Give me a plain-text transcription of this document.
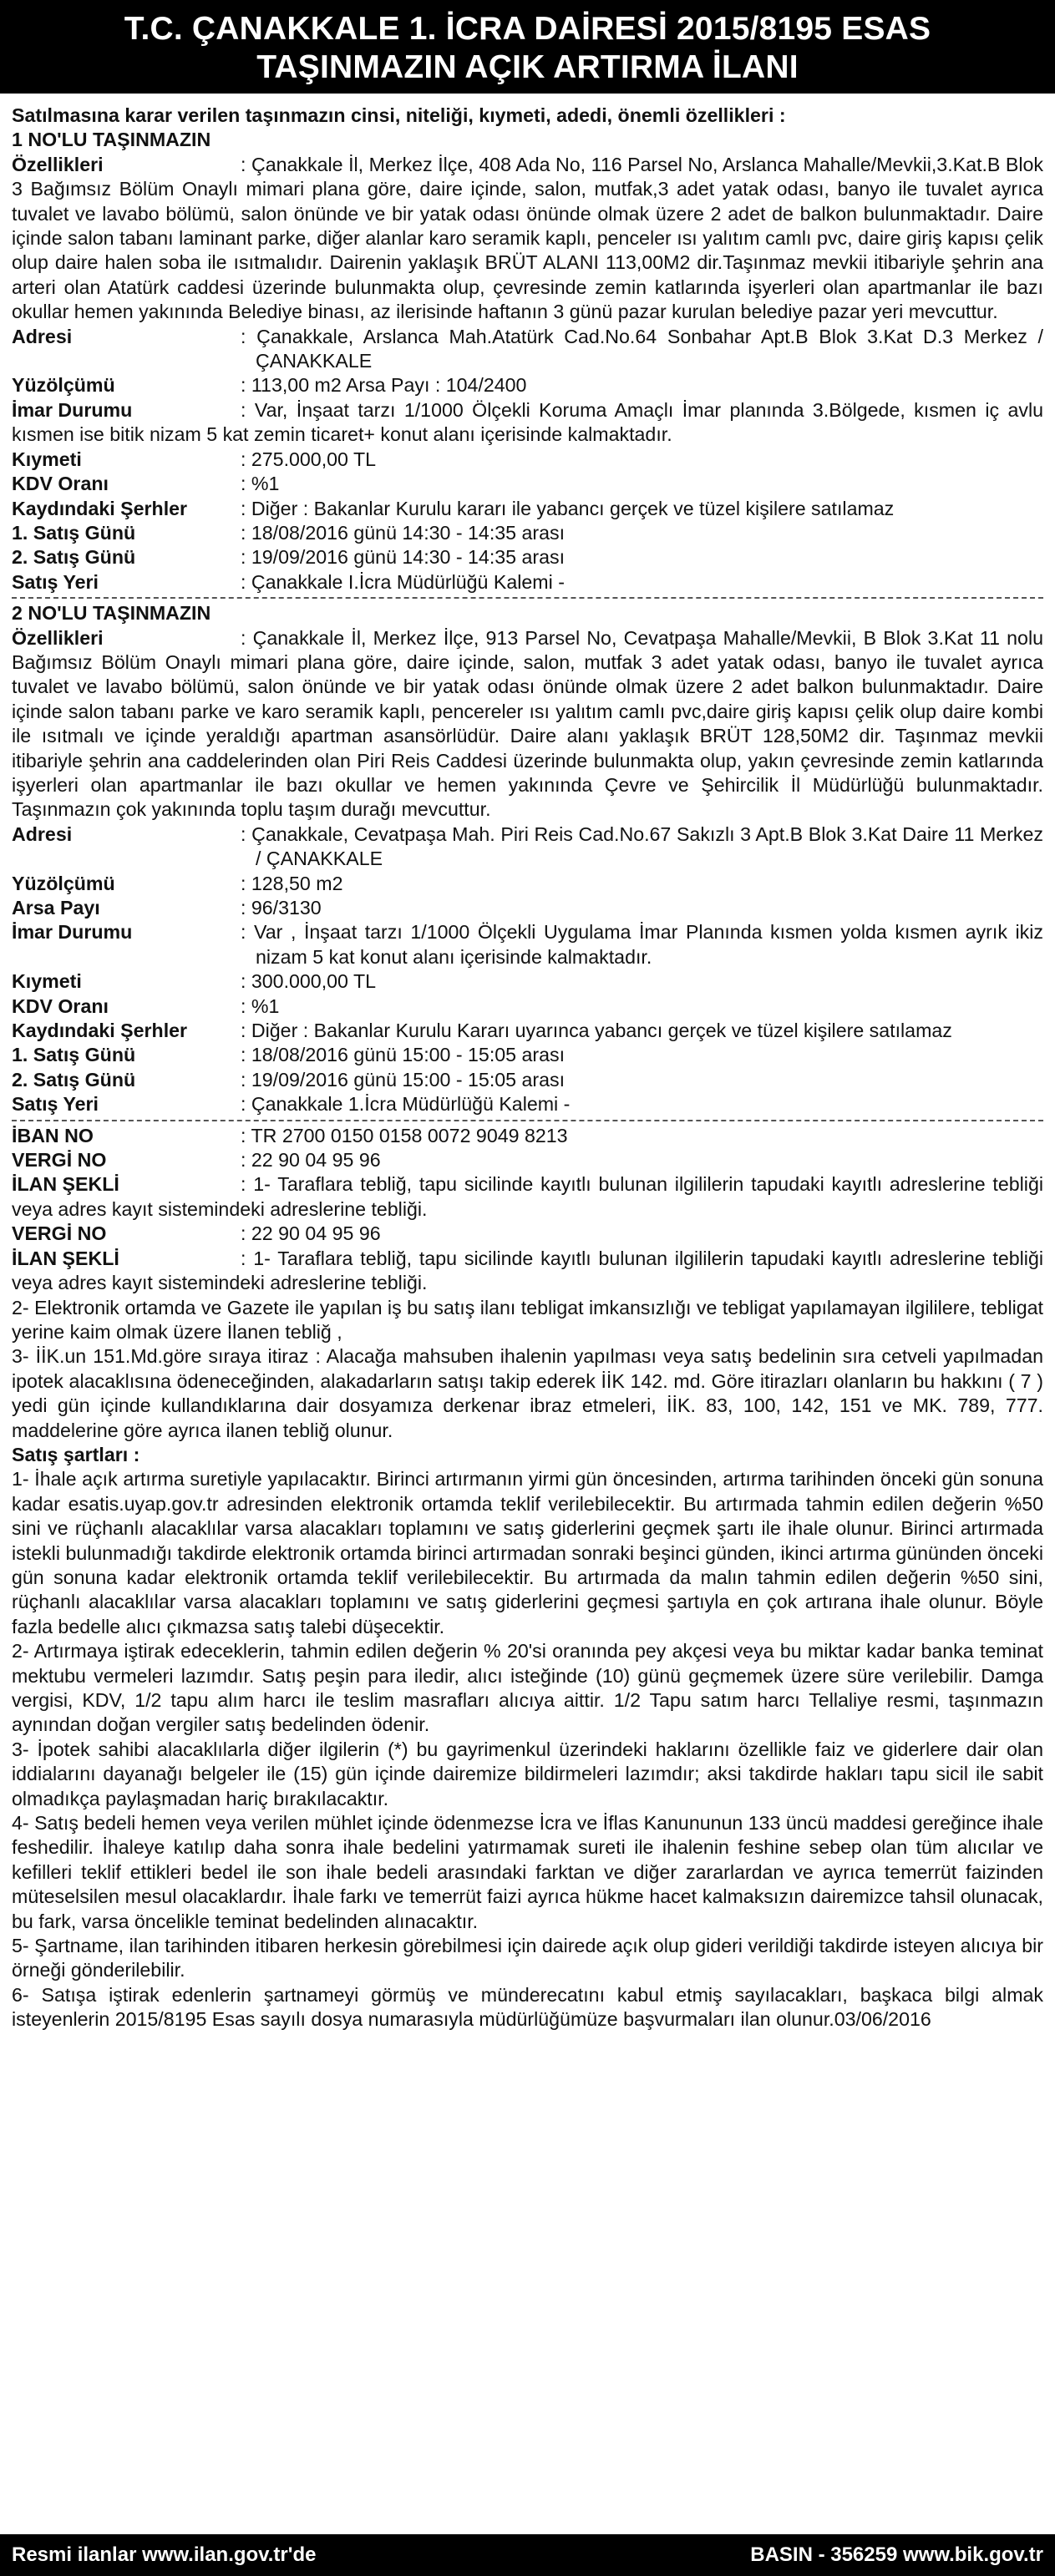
T.C. ÇANAKKALE 1. İCRA DAİRESİ 2015/8195 ESAS
TAŞINMAZIN AÇIK ARTIRMA İLANI

Satılmasına karar verilen taşınmazın cinsi, niteliği, kıymeti, adedi, önemli özellikleri :

1 NO'LU TAŞINMAZIN

Özellikleri	: Çanakkale İl, Merkez İlçe, 408 Ada No, 116 Parsel No, Arslanca Mahalle/Mevkii,3.Kat.B Blok 3 Bağımsız Bölüm Onaylı mimari plana göre, daire içinde, salon, mutfak,3 adet yatak odası, banyo ile tuvalet ayrıca tuvalet ve lavabo bölümü, salon önünde ve bir yatak odası önünde olmak üzere 2 adet de balkon bulunmaktadır. Daire içinde salon tabanı laminant parke, diğer alanlar karo seramik kaplı, penceler ısı yalıtım camlı pvc, daire giriş kapısı çelik olup daire halen soba ile ısıtmalıdır. Dairenin yaklaşık BRÜT ALANI 113,00M2 dir.Taşınmaz mevkii itibariyle şehrin ana arteri olan Atatürk caddesi üzerinde bulunmakta olup, çevresinde zemin katlarında işyerleri olan apartmanlar ile bazı okullar hemen yakınında Belediye binası, az ilerisinde haftanın 3 günü pazar kurulan belediye pazar yeri mevcuttur.
Adresi	: Çanakkale, Arslanca Mah.Atatürk Cad.No.64 Sonbahar Apt.B Blok 3.Kat D.3 Merkez / ÇANAKKALE
Yüzölçümü	: 113,00 m2 Arsa Payı : 104/2400
İmar Durumu	: Var, İnşaat tarzı 1/1000 Ölçekli Koruma Amaçlı İmar planında 3.Bölgede, kısmen iç avlu kısmen ise bitik nizam 5 kat zemin ticaret+ konut alanı içerisinde kalmaktadır.
Kıymeti	: 275.000,00 TL
KDV Oranı	: %1
Kaydındaki Şerhler	: Diğer : Bakanlar Kurulu kararı ile yabancı gerçek ve tüzel kişilere satılamaz
1. Satış Günü	: 18/08/2016 günü 14:30 - 14:35 arası
2. Satış Günü	: 19/09/2016 günü 14:30 - 14:35 arası
Satış Yeri	: Çanakkale I.İcra Müdürlüğü Kalemi -

2 NO'LU TAŞINMAZIN

Özellikleri	: Çanakkale İl, Merkez İlçe, 913 Parsel No, Cevatpaşa Mahalle/Mevkii, B Blok 3.Kat 11 nolu Bağımsız Bölüm Onaylı mimari plana göre, daire içinde, salon, mutfak 3 adet yatak odası, banyo ile tuvalet ayrıca tuvalet ve lavabo bölümü, salon önünde ve bir yatak odası önünde olmak üzere 2 adet balkon bulunmaktadır. Daire içinde salon tabanı parke ve karo seramik kaplı, pencereler ısı yalıtım camlı pvc,daire giriş kapısı çelik olup daire kombi ile ısıtmalı ve içinde yeraldığı apartman asansörlüdür. Daire alanı yaklaşık BRÜT 128,50M2 dir. Taşınmaz mevkii itibariyle şehrin ana caddelerinden olan Piri Reis Caddesi üzerinde bulunmakta olup, yakın çevresinde zemin katlarında işyerleri olan apartmanlar ile bazı okullar ve hemen yakınında Çevre ve Şehircilik İl Müdürlüğü bulunmaktadır. Taşınmazın çok yakınında toplu taşım durağı mevcuttur.
Adresi	: Çanakkale, Cevatpaşa Mah. Piri Reis Cad.No.67 Sakızlı 3 Apt.B Blok 3.Kat Daire 11 Merkez / ÇANAKKALE
Yüzölçümü	: 128,50 m2
Arsa Payı	: 96/3130
İmar Durumu	: Var , İnşaat tarzı 1/1000 Ölçekli Uygulama İmar Planında kısmen yolda kısmen ayrık ikiz nizam 5 kat konut alanı içerisinde kalmaktadır.
Kıymeti	: 300.000,00 TL
KDV Oranı	: %1
Kaydındaki Şerhler	: Diğer : Bakanlar Kurulu Kararı uyarınca yabancı gerçek ve tüzel kişilere satılamaz
1. Satış Günü	: 18/08/2016 günü 15:00 - 15:05 arası
2. Satış Günü	: 19/09/2016 günü 15:00 - 15:05 arası
Satış Yeri	: Çanakkale 1.İcra Müdürlüğü Kalemi -
İBAN NO	: TR 2700 0150 0158 0072 9049 8213
VERGİ NO	: 22 90 04 95 96
İLAN ŞEKLİ	: 1- Taraflara tebliğ, tapu sicilinde kayıtlı bulunan ilgililerin tapudaki kayıtlı adreslerine tebliği veya adres kayıt sistemindeki adreslerine tebliği.
VERGİ NO	: 22 90 04 95 96
İLAN ŞEKLİ	: 1- Taraflara tebliğ, tapu sicilinde kayıtlı bulunan ilgililerin tapudaki kayıtlı adreslerine tebliği veya adres kayıt sistemindeki adreslerine tebliği.

2- Elektronik ortamda ve Gazete ile yapılan iş bu satış ilanı tebligat imkansızlığı ve tebligat yapılamayan ilgililere, tebligat yerine kaim olmak üzere İlanen tebliğ ,

3- İİK.un 151.Md.göre sıraya itiraz : Alacağa mahsuben ihalenin yapılması veya satış bedelinin sıra cetveli yapılmadan ipotek alacaklısına ödeneceğinden, alakadarların satışı takip ederek İİK 142. md. Göre itirazları olanların bu hakkını ( 7 ) yedi gün içinde kullandıklarına dair dosyamıza derkenar ibraz etmeleri, İİK. 83, 100, 142, 151 ve MK. 789, 777. maddelerine göre ayrıca ilanen tebliğ olunur.

Satış şartları :

1- İhale açık artırma suretiyle yapılacaktır. Birinci artırmanın yirmi gün öncesinden, artırma tarihinden önceki gün sonuna kadar esatis.uyap.gov.tr adresinden elektronik ortamda teklif verilebilecektir. Bu artırmada tahmin edilen değerin %50 sini ve rüçhanlı alacaklılar varsa alacakları toplamını ve satış giderlerini geçmek şartı ile ihale olunur. Birinci artırmada istekli bulunmadığı takdirde elektronik ortamda birinci artırmadan sonraki beşinci günden, ikinci artırma gününden önceki gün sonuna kadar elektronik ortamda teklif verilebilecektir. Bu artırmada da malın tahmin edilen değerin %50 sini, rüçhanlı alacaklılar varsa alacakları toplamını ve satış giderlerini geçmesi şartıyla en çok artırana ihale olunur. Böyle fazla bedelle alıcı çıkmazsa satış talebi düşecektir.

2- Artırmaya iştirak edeceklerin, tahmin edilen değerin % 20'si oranında pey akçesi veya bu miktar kadar banka teminat mektubu vermeleri lazımdır. Satış peşin para iledir, alıcı isteğinde (10) günü geçmemek üzere süre verilebilir. Damga vergisi, KDV, 1/2 tapu alım harcı ile teslim masrafları alıcıya aittir. 1/2 Tapu satım harcı Tellaliye resmi, taşınmazın aynından doğan vergiler satış bedelinden ödenir.

3- İpotek sahibi alacaklılarla diğer ilgilerin (*) bu gayrimenkul üzerindeki haklarını özellikle faiz ve giderlere dair olan iddialarını dayanağı belgeler ile (15) gün içinde dairemize bildirmeleri lazımdır; aksi takdirde hakları tapu sicil ile sabit olmadıkça paylaşmadan hariç bırakılacaktır.

4- Satış bedeli hemen veya verilen mühlet içinde ödenmezse İcra ve İflas Kanununun 133 üncü maddesi gereğince ihale feshedilir. İhaleye katılıp daha sonra ihale bedelini yatırmamak sureti ile ihalenin feshine sebep olan tüm alıcılar ve kefilleri teklif ettikleri bedel ile son ihale bedeli arasındaki farktan ve diğer zararlardan ve ayrıca temerrüt faizinden müteselsilen mesul olacaklardır. İhale farkı ve temerrüt faizi ayrıca hükme hacet kalmaksızın dairemizce tahsil olunacak, bu fark, varsa öncelikle teminat bedelinden alınacaktır.

5- Şartname, ilan tarihinden itibaren herkesin görebilmesi için dairede açık olup gideri verildiği takdirde isteyen alıcıya bir örneği gönderilebilir.

6- Satışa iştirak edenlerin şartnameyi görmüş ve münderecatını kabul etmiş sayılacakları, başkaca bilgi almak isteyenlerin 2015/8195 Esas sayılı dosya numarasıyla müdürlüğümüze başvurmaları ilan olunur.03/06/2016

Resmi ilanlar www.ilan.gov.tr'de	BASIN - 356259 www.bik.gov.tr
